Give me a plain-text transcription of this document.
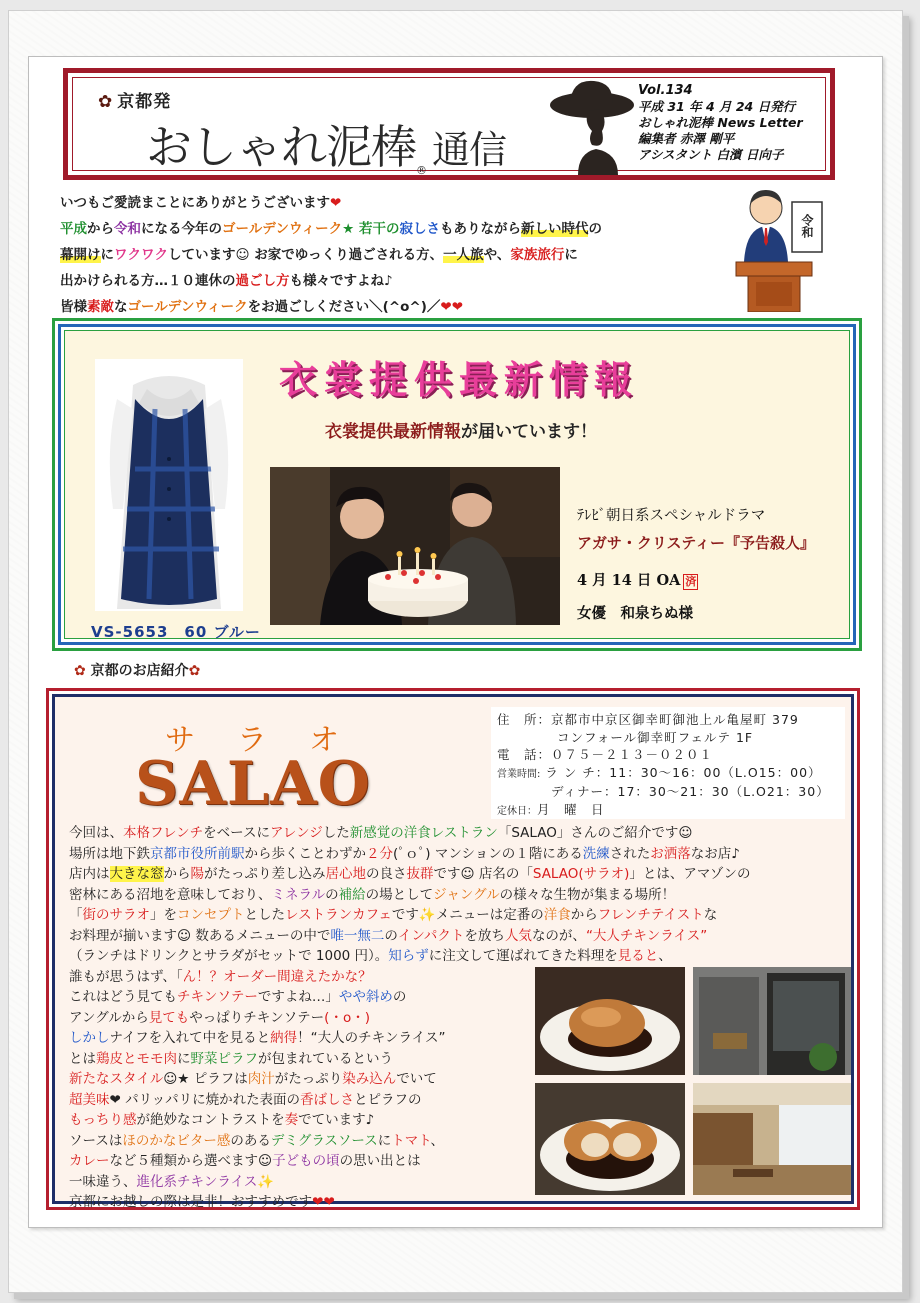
✿ 京都発
おしゃれ泥棒® 通信
Vol.134
平成 31 年 4 月 24 日発行
おしゃれ泥棒 News Letter
編集者 赤澤 剛平
アシスタント 白濱 日向子
いつもご愛読まことにありがとうございます❤
平成から令和になる今年のゴールデンウィーク★ 若干の寂しさもありながら新しい時代の
幕開けにワクワクしています☺ お家でゆっくり過ごされる方、一人旅や、家族旅行に
出かけられる方…１０連休の過ごし方も様々ですよね♪
皆様素敵なゴールデンウィークをお過ごしください＼(^o^)／❤❤
令和
VS-5653　60 ブルー
衣裳提供最新情報
衣裳提供最新情報が届いています！
ﾃﾚﾋﾞ朝日系スペシャルドラマ
アガサ・クリスティー『予告殺人』
4 月 14 日 OA 済
女優　和泉ちぬ様
✿ 京都のお店紹介✿
サラオ
SALAO
住　所：京都市中京区御幸町御池上ル亀屋町 379
コンフォール御幸町フェルテ 1F
電　話：０７５－２１３－０２０１
営業時間: ラ ン チ：11：30～16：00（L.O15：00）
ディナー：17：30～21：30（L.O21：30）
定休日：月　曜　日

今回は、本格フレンチをベースにアレンジした新感覚の洋食レストラン「SALAO」さんのご紹介です☺

場所は地下鉄京都市役所前駅から歩くことわずか２分(ﾟｏﾟ) マンションの１階にある洗練されたお洒落なお店♪

店内は大きな窓から陽がたっぷり差し込み居心地の良さ抜群です☺ 店名の「SALAO(サラオ)」とは、アマゾンの

密林にある沼地を意味しており、ミネラルの補給の場としてジャングルの様々な生物が集まる場所！

「街のサラオ」をコンセプトとしたレストランカフェです✨メニューは定番の洋食からフレンチテイストな

お料理が揃います☺ 数あるメニューの中で唯一無二のインパクトを放ち人気なのが、“大人チキンライス”

（ランチはドリンクとサラダがセットで 1000 円）。知らずに注文して運ばれてきた料理を見ると、

誰もが思うはず、「ん！？オーダー間違えたかな？

これはどう見てもチキンソテーですよね…」やや斜めの

アングルから見てもやっぱりチキンソテー(・o・)

しかしナイフを入れて中を見ると納得！“大人のチキンライス”

とは鶏皮とモモ肉に野菜ピラフが包まれているという

新たなスタイル☺★ ピラフは肉汁がたっぷり染み込んでいて

超美味❤ パリッパリに焼かれた表面の香ばしさとピラフの

もっちり感が絶妙なコントラストを奏でています♪

ソースはほのかなビター感のあるデミグラスソースにトマト、

カレーなど５種類から選べます☺子どもの頃の思い出とは

一味違う、進化系チキンライス✨

京都にお越しの際は是非！おすすめです❤❤
